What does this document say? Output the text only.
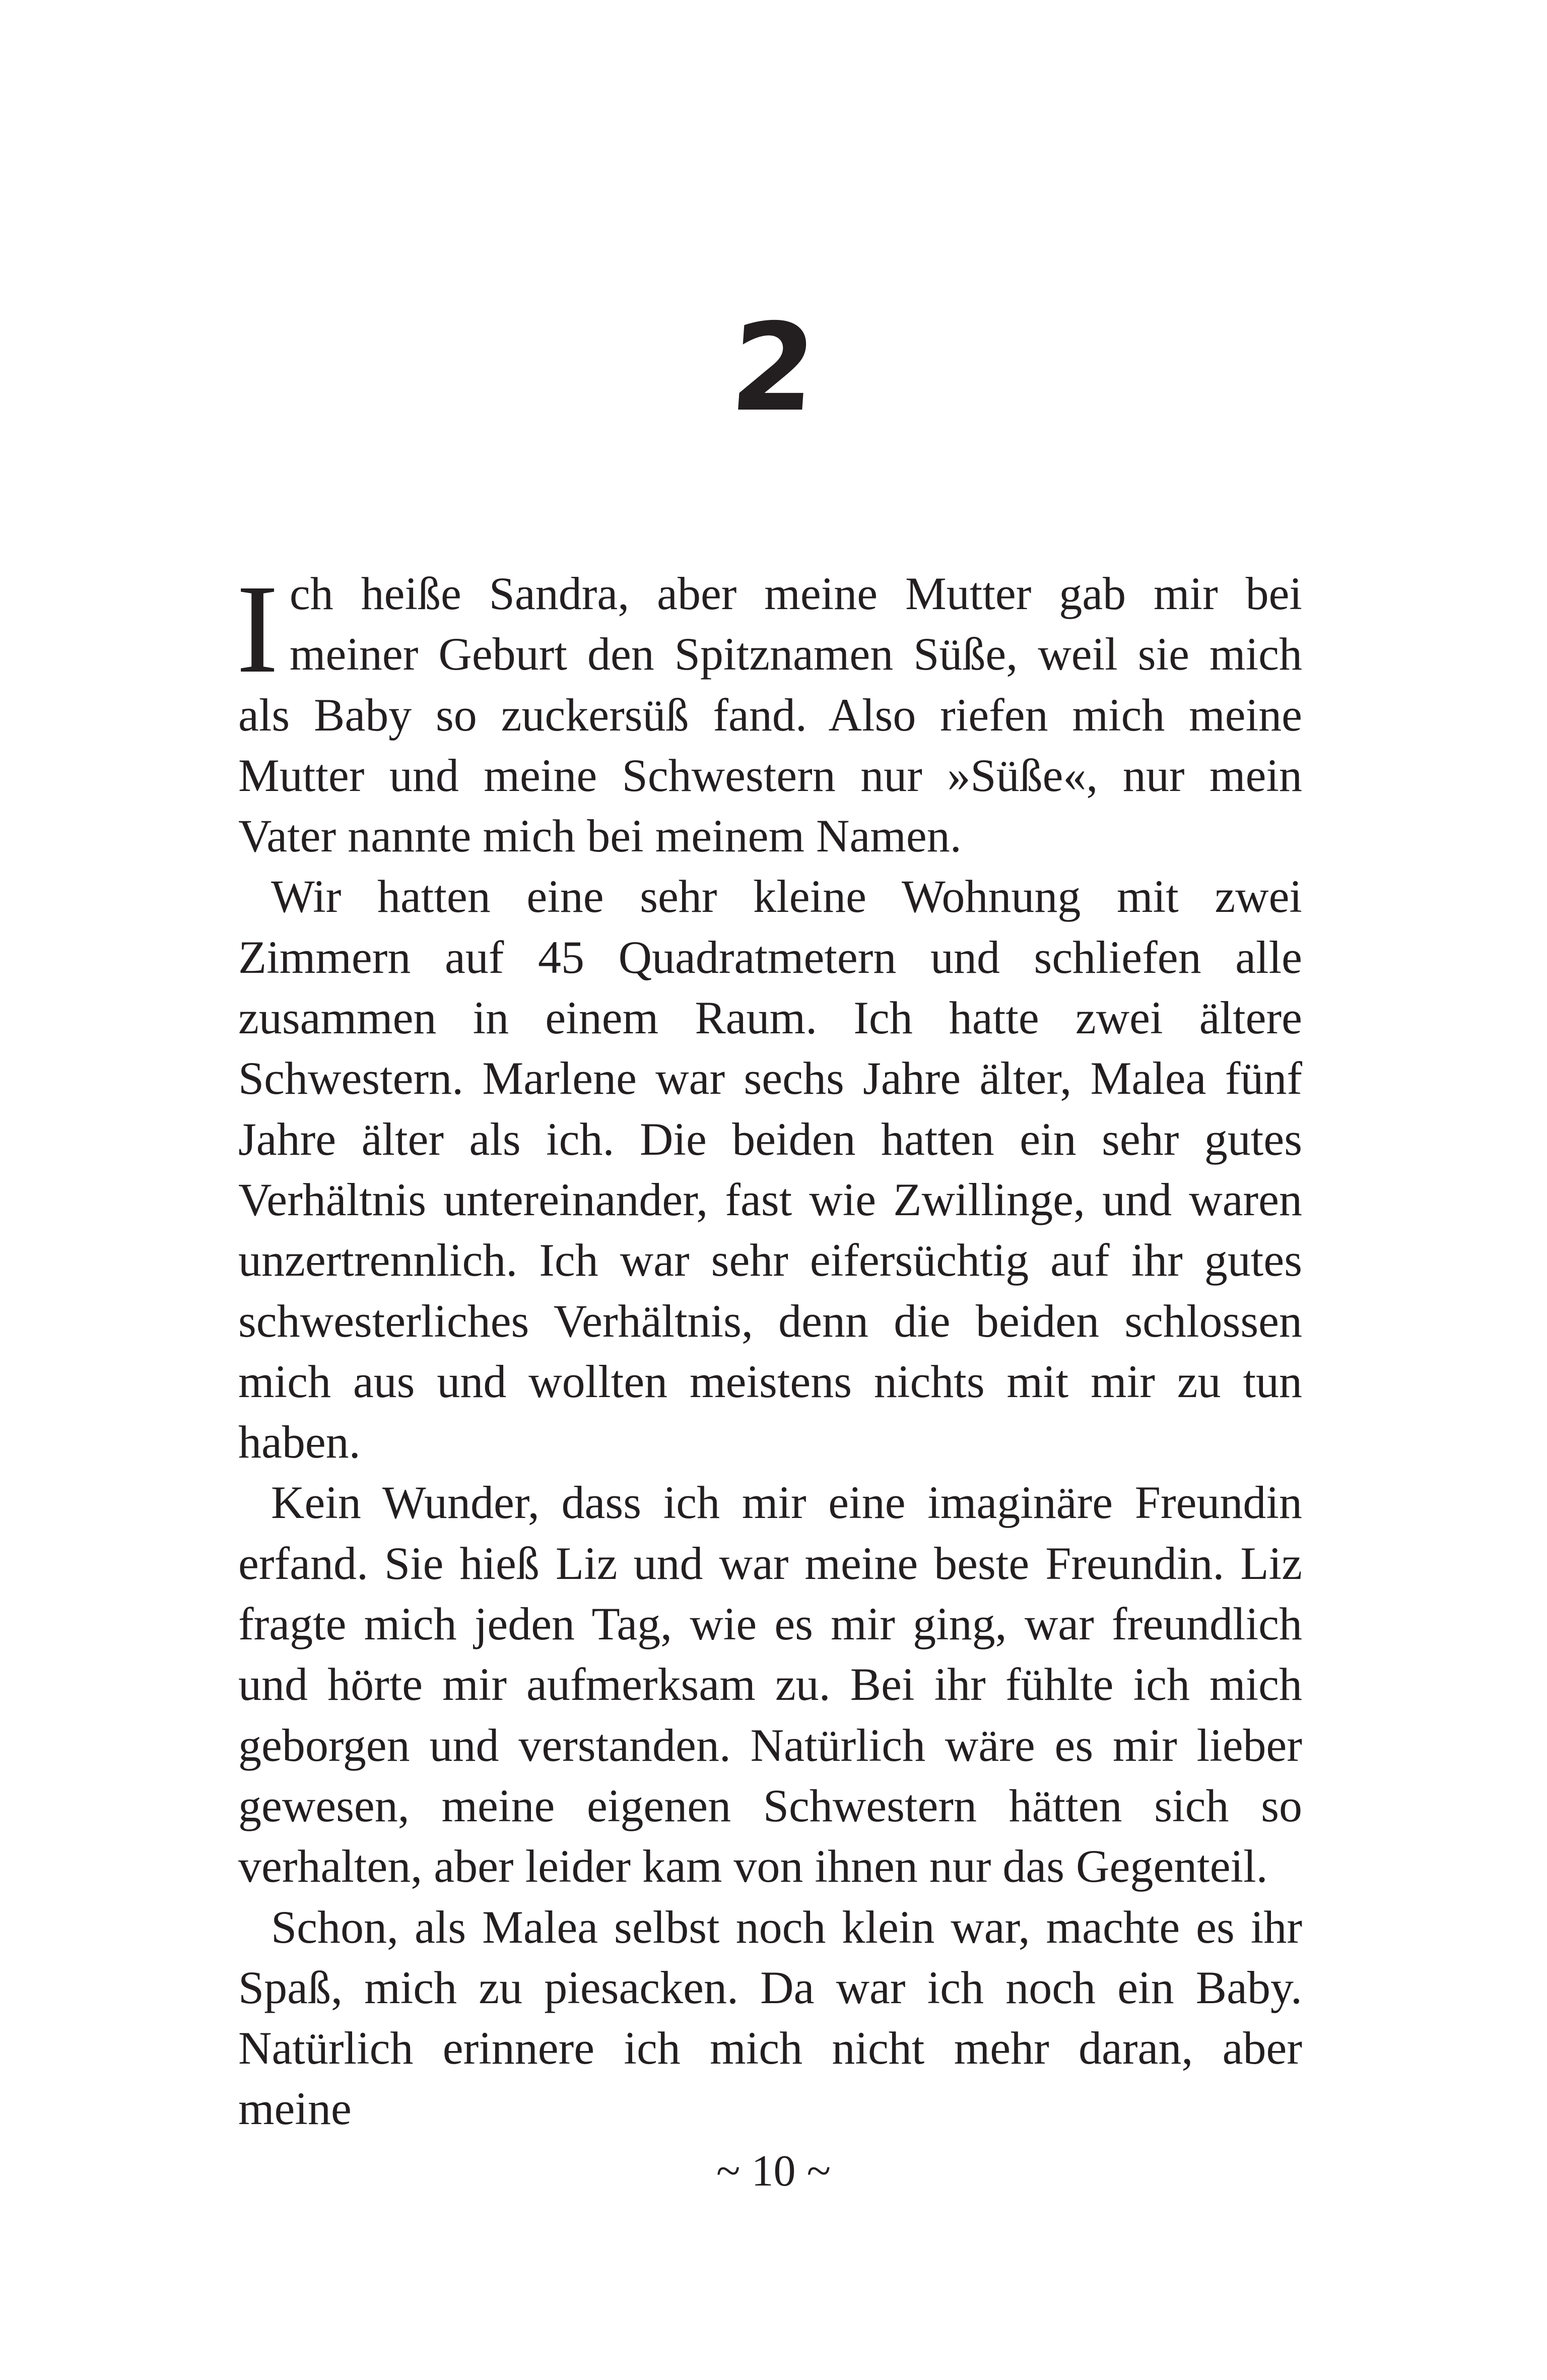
2

Ich heiße Sandra, aber meine Mutter gab mir bei meiner Geburt den Spitznamen Süße, weil sie mich als Baby so zuckersüß fand. Also riefen mich meine Mutter und meine Schwestern nur »Süße«, nur mein Vater nannte mich bei meinem Namen.

Wir hatten eine sehr kleine Wohnung mit zwei Zimmern auf 45 Quadratmetern und schliefen alle zusammen in einem Raum. Ich hatte zwei ältere Schwestern. Marlene war sechs Jahre älter, Malea fünf Jahre älter als ich. Die beiden hatten ein sehr gutes Verhältnis untereinander, fast wie Zwillinge, und waren unzertrennlich. Ich war sehr eifersüchtig auf ihr gutes schwesterliches Verhältnis, denn die beiden schlossen mich aus und wollten meistens nichts mit mir zu tun haben.

Kein Wunder, dass ich mir eine imaginäre Freundin erfand. Sie hieß Liz und war meine beste Freundin. Liz fragte mich jeden Tag, wie es mir ging, war freundlich und hörte mir aufmerksam zu. Bei ihr fühlte ich mich geborgen und verstanden. Natürlich wäre es mir lieber gewesen, meine eigenen Schwestern hätten sich so verhalten, aber leider kam von ihnen nur das Gegenteil.

Schon, als Malea selbst noch klein war, machte es ihr Spaß, mich zu piesacken. Da war ich noch ein Baby. Natürlich erinnere ich mich nicht mehr daran, aber meine

~ 10 ~
